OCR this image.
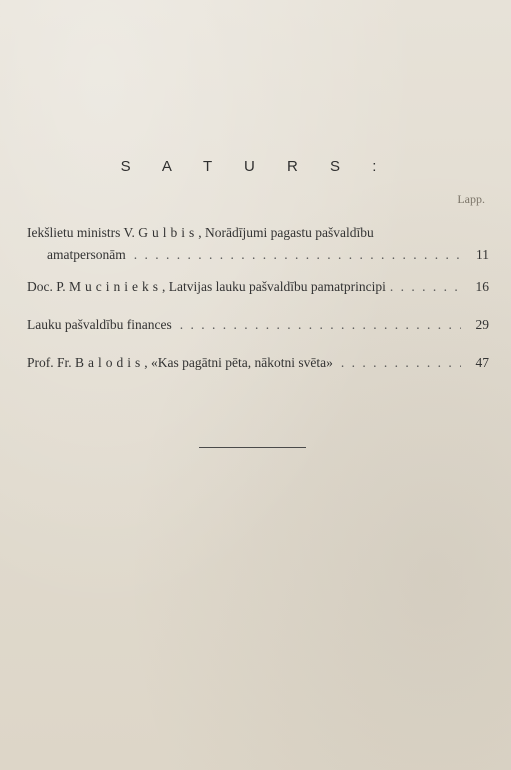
S A T U R S :
Lapp.
Iekšlietu ministrs V. Gulbis, Norādījumi pagastu pašvaldību
amatpersonām . . .	11
Doc. P. Mucinieks, Latvijas lauku pašvaldību pamatprincipi . . .	16
Lauku pašvaldību finances . . .	29
Prof. Fr. Balodis, «Kas pagātni pēta, nākotni svēta» . . .	47
